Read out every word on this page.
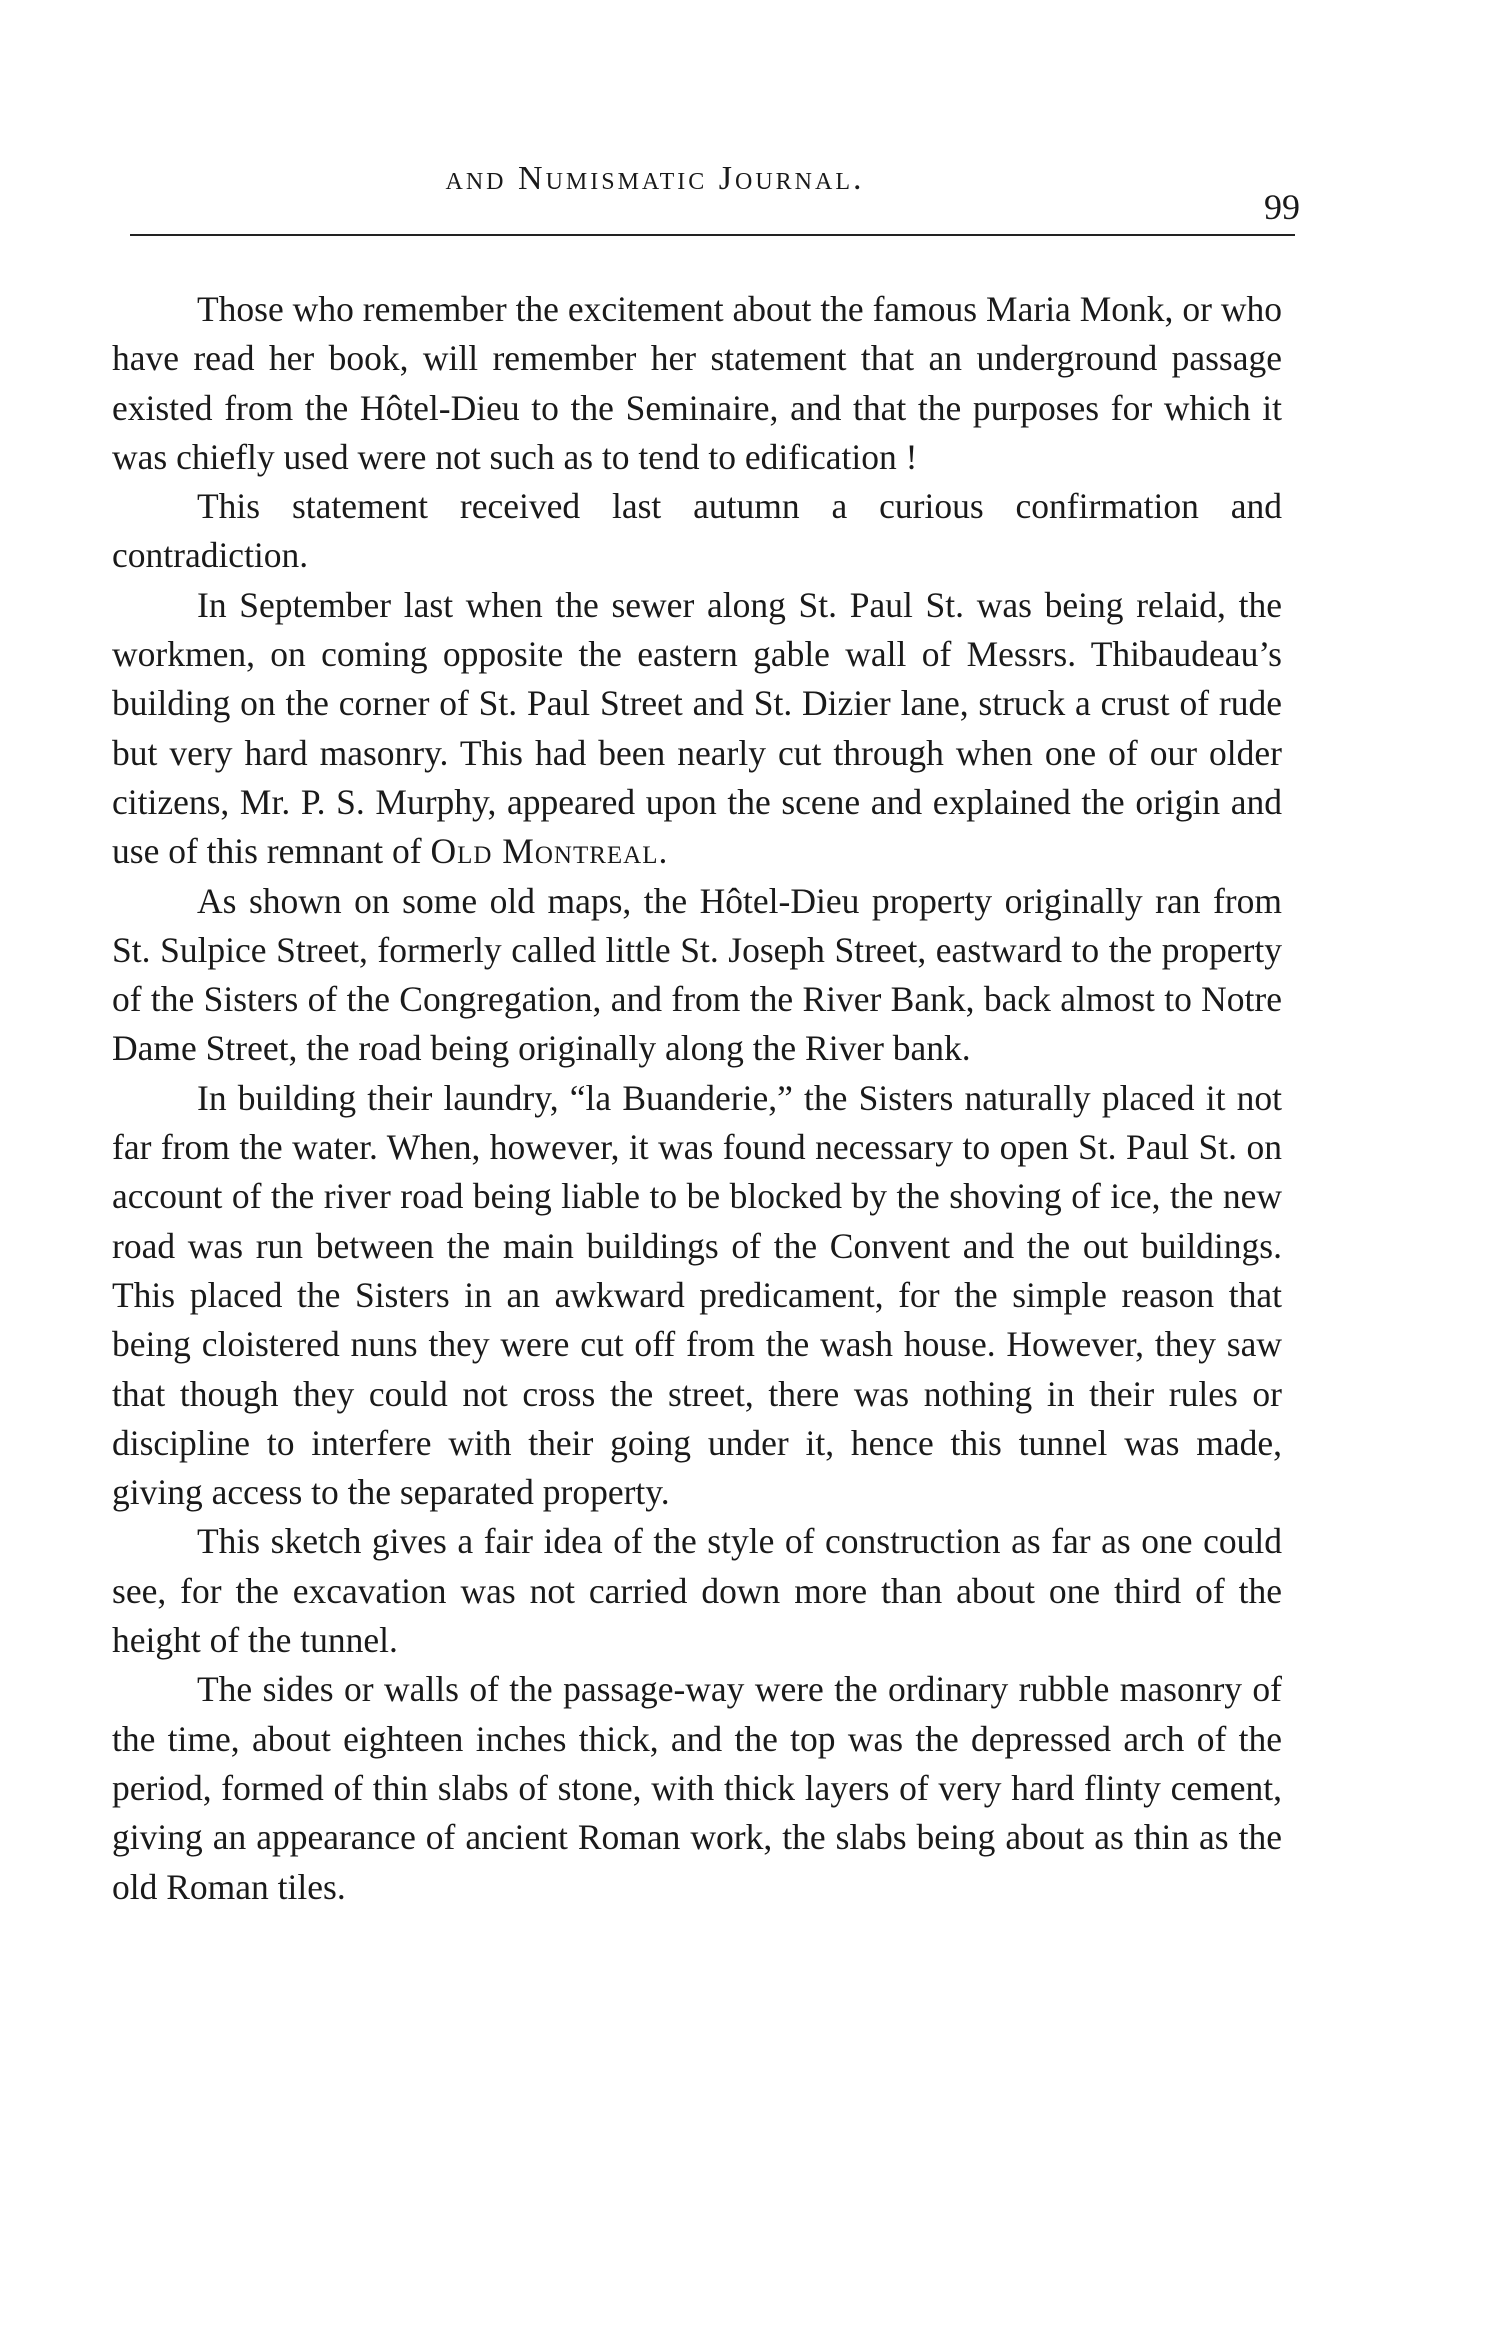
and Numismatic Journal.
99

Those who remember the excitement about the famous Maria Monk, or who have read her book, will remember her statement that an underground passage existed from the Hôtel-Dieu to the Seminaire, and that the purposes for which it was chiefly used were not such as to tend to edification !

This statement received last autumn a curious confirmation and contradiction.

In September last when the sewer along St. Paul St. was being relaid, the workmen, on coming opposite the eastern gable wall of Messrs. Thibaudeau’s building on the corner of St. Paul Street and St. Dizier lane, struck a crust of rude but very hard masonry. This had been nearly cut through when one of our older citizens, Mr. P. S. Murphy, appeared upon the scene and explained the origin and use of this remnant of Old Montreal.

As shown on some old maps, the Hôtel-Dieu property originally ran from St. Sulpice Street, formerly called little St. Joseph Street, eastward to the property of the Sisters of the Congregation, and from the River Bank, back almost to Notre Dame Street, the road being originally along the River bank.

In building their laundry, “la Buanderie,” the Sisters naturally placed it not far from the water. When, however, it was found necessary to open St. Paul St. on account of the river road being liable to be blocked by the shoving of ice, the new road was run between the main buildings of the Convent and the out buildings. This placed the Sisters in an awkward predicament, for the simple reason that being cloistered nuns they were cut off from the wash house. However, they saw that though they could not cross the street, there was nothing in their rules or discipline to interfere with their going under it, hence this tunnel was made, giving access to the separated property.

This sketch gives a fair idea of the style of construction as far as one could see, for the excavation was not carried down more than about one third of the height of the tunnel.

The sides or walls of the passage-way were the ordinary rubble masonry of the time, about eighteen inches thick, and the top was the depressed arch of the period, formed of thin slabs of stone, with thick layers of very hard flinty cement, giving an appearance of ancient Roman work, the slabs being about as thin as the old Roman tiles.
